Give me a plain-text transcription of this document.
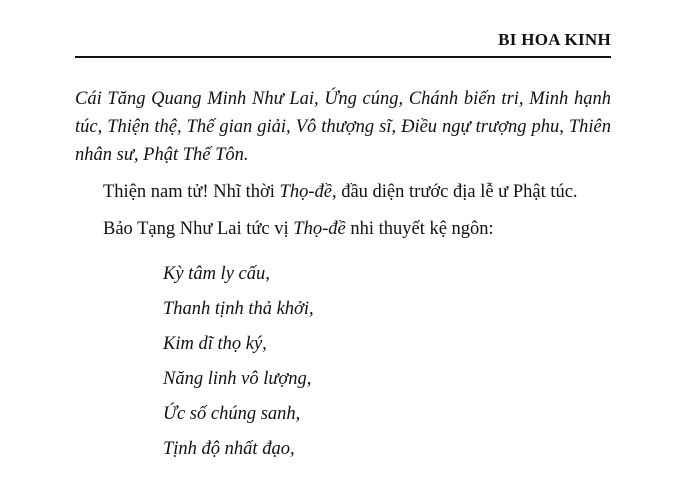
BI HOA KINH

Cái Tăng Quang Minh Như Lai, Ứng cúng, Chánh biến tri, Minh hạnh túc, Thiện thệ, Thế gian giải, Vô thượng sĩ, Điều ngự trượng phu, Thiên nhân sư, Phật Thế Tôn.

Thiện nam tử! Nhĩ thời Thọ-đề, đầu diện trước địa lễ ư Phật túc.

Bảo Tạng Như Lai tức vị Thọ-đề nhi thuyết kệ ngôn:

Kỳ tâm ly cấu,
Thanh tịnh thả khởi,
Kim dĩ thọ ký,
Năng linh vô lượng,
Ức số chúng sanh,
Tịnh độ nhất đạo,
